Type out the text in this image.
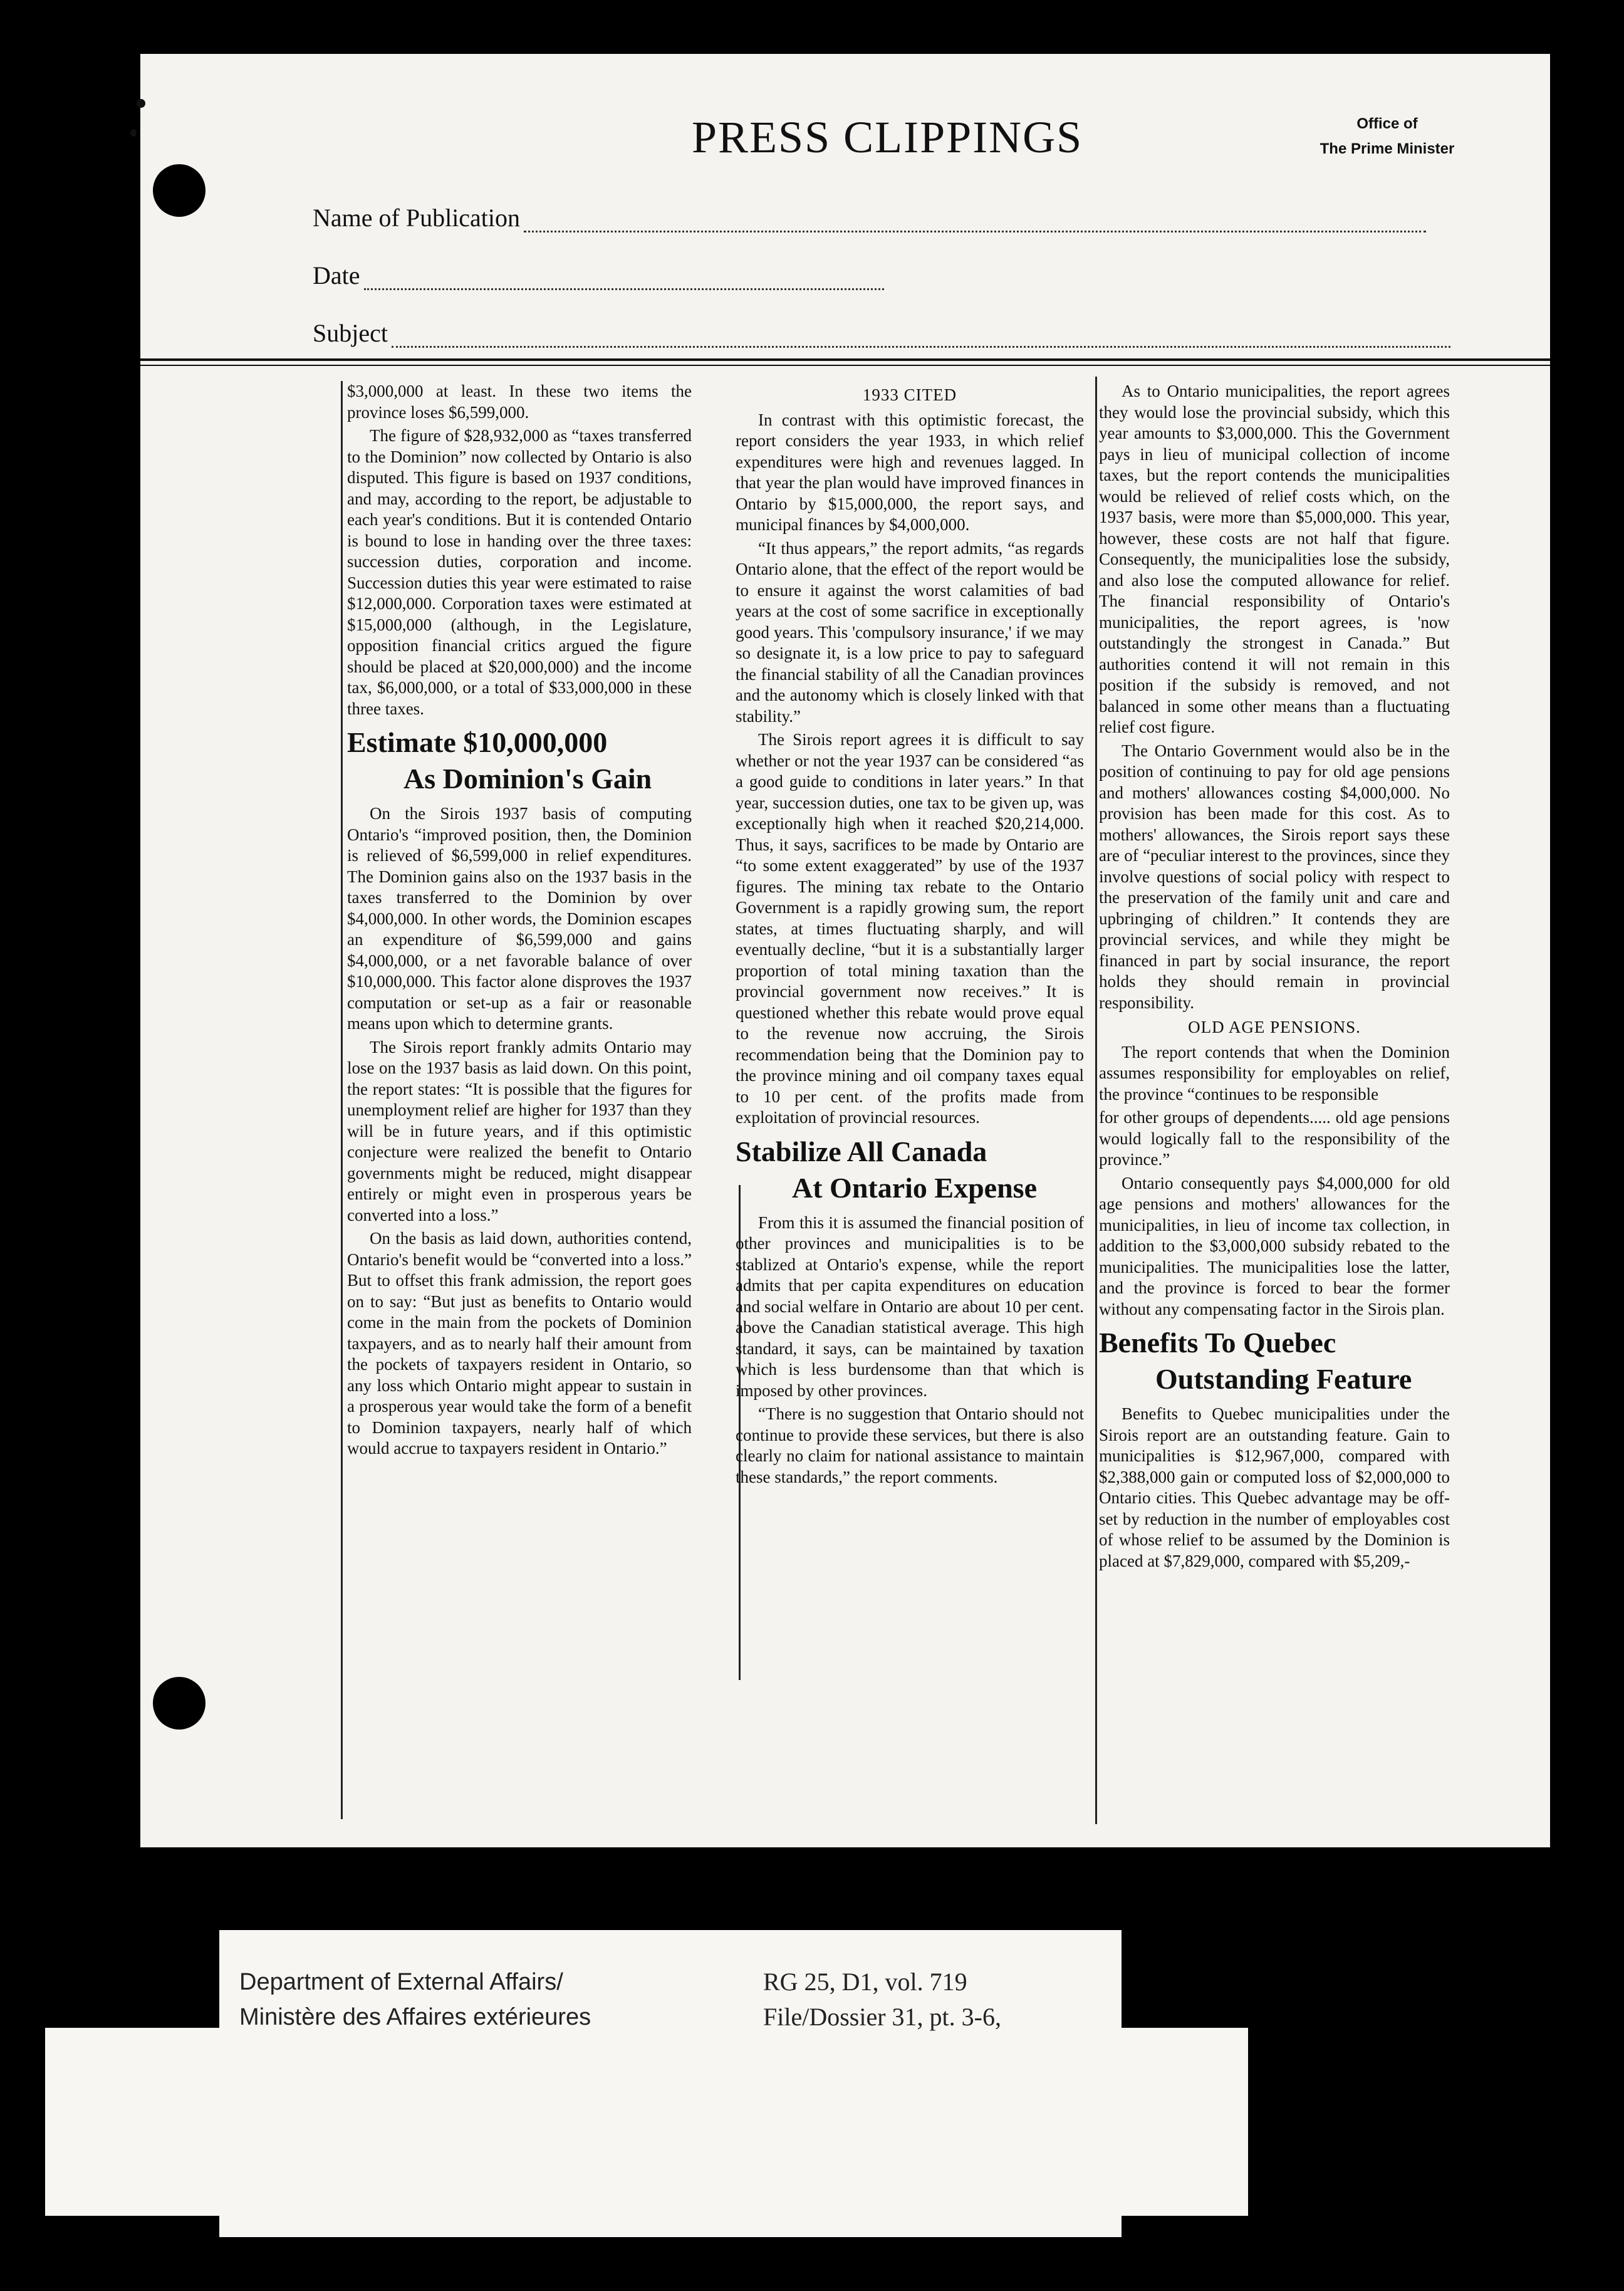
PRESS CLIPPINGS	Office of
The Prime Minister
Name of Publication
Date
Subject

$3,000,000 at least. In these two items the province loses $6,599,000.

The figure of $28,932,000 as “taxes transferred to the Dominion” now collected by Ontario is also disputed. This figure is based on 1937 conditions, and may, according to the report, be adjustable to each year's conditions. But it is contended Ontario is bound to lose in handing over the three taxes: succession duties, corporation and income. Succession duties this year were estimated to raise $12,000,000. Corporation taxes were estimated at $15,000,000 (although, in the Legislature, opposition financial critics argued the figure should be placed at $20,000,000) and the income tax, $6,000,000, or a total of $33,000,000 in these three taxes.

Estimate $10,000,000
As Dominion's Gain

On the Sirois 1937 basis of computing Ontario's “improved position, then, the Dominion is relieved of $6,599,000 in relief expenditures. The Dominion gains also on the 1937 basis in the taxes transferred to the Dominion by over $4,000,000. In other words, the Dominion escapes an expenditure of $6,599,000 and gains $4,000,000, or a net favorable balance of over $10,000,000. This factor alone disproves the 1937 computation or set-up as a fair or reasonable means upon which to determine grants.

The Sirois report frankly admits Ontario may lose on the 1937 basis as laid down. On this point, the report states: “It is possible that the figures for unemployment relief are higher for 1937 than they will be in future years, and if this optimistic conjecture were realized the benefit to Ontario governments might be reduced, might disappear entirely or might even in prosperous years be converted into a loss.”

On the basis as laid down, authorities contend, Ontario's benefit would be “converted into a loss.” But to offset this frank admission, the report goes on to say: “But just as benefits to Ontario would come in the main from the pockets of Dominion taxpayers, and as to nearly half their amount from the pockets of taxpayers resident in Ontario, so any loss which Ontario might appear to sustain in a prosperous year would take the form of a benefit to Dominion taxpayers, nearly half of which would accrue to taxpayers resident in Ontario.”

1933 CITED

In contrast with this optimistic forecast, the report considers the year 1933, in which relief expenditures were high and revenues lagged. In that year the plan would have improved finances in Ontario by $15,000,000, the report says, and municipal finances by $4,000,000.

“It thus appears,” the report admits, “as regards Ontario alone, that the effect of the report would be to ensure it against the worst calamities of bad years at the cost of some sacrifice in exceptionally good years. This 'compulsory insurance,' if we may so designate it, is a low price to pay to safeguard the financial stability of all the Canadian provinces and the autonomy which is closely linked with that stability.”

The Sirois report agrees it is difficult to say whether or not the year 1937 can be considered “as a good guide to conditions in later years.” In that year, succession duties, one tax to be given up, was exceptionally high when it reached $20,214,000. Thus, it says, sacrifices to be made by Ontario are “to some extent exaggerated” by use of the 1937 figures. The mining tax rebate to the Ontario Government is a rapidly growing sum, the report states, at times fluctuating sharply, and will eventually decline, “but it is a substantially larger proportion of total mining taxation than the provincial government now receives.” It is questioned whether this rebate would prove equal to the revenue now accruing, the Sirois recommendation being that the Dominion pay to the province mining and oil company taxes equal to 10 per cent. of the profits made from exploitation of provincial resources.

Stabilize All Canada
At Ontario Expense

From this it is assumed the financial position of other provinces and municipalities is to be stablized at Ontario's expense, while the report admits that per capita expenditures on education and social welfare in Ontario are about 10 per cent. above the Canadian statistical average. This high standard, it says, can be maintained by taxation which is less burdensome than that which is imposed by other provinces.

“There is no suggestion that Ontario should not continue to provide these services, but there is also clearly no claim for national assistance to maintain these standards,” the report comments.

As to Ontario municipalities, the report agrees they would lose the provincial subsidy, which this year amounts to $3,000,000. This the Government pays in lieu of municipal collection of income taxes, but the report contends the municipalities would be relieved of relief costs which, on the 1937 basis, were more than $5,000,000. This year, however, these costs are not half that figure. Consequently, the municipalities lose the subsidy, and also lose the computed allowance for relief. The financial responsibility of Ontario's municipalities, the report agrees, is 'now outstandingly the strongest in Canada.” But authorities contend it will not remain in this position if the subsidy is removed, and not balanced in some other means than a fluctuating relief cost figure.

The Ontario Government would also be in the position of continuing to pay for old age pensions and mothers' allowances costing $4,000,000. No provision has been made for this cost. As to mothers' allowances, the Sirois report says these are of “peculiar interest to the provinces, since they involve questions of social policy with respect to the preservation of the family unit and care and upbringing of children.” It contends they are provincial services, and while they might be financed in part by social insurance, the report holds they should remain in provincial responsibility.

OLD AGE PENSIONS.

The report contends that when the Dominion assumes responsibility for employables on relief, the province “continues to be responsible

for other groups of dependents..... old age pensions would logically fall to the responsibility of the province.”

Ontario consequently pays $4,000,000 for old age pensions and mothers' allowances for the municipalities, in lieu of income tax collection, in addition to the $3,000,000 subsidy rebated to the municipalities. The municipalities lose the latter, and the province is forced to bear the former without any compensating factor in the Sirois plan.

Benefits To Quebec
Outstanding Feature

Benefits to Quebec municipalities under the Sirois report are an outstanding feature. Gain to municipalities is $12,967,000, compared with $2,388,000 gain or computed loss of $2,000,000 to Ontario cities. This Quebec advantage may be off-set by reduction in the number of employables cost of whose relief to be assumed by the Dominion is placed at $7,829,000, compared with $5,209,-

Department of External Affairs/
Ministère des Affaires extérieures
RG 25, D1, vol. 719
File/Dossier 31, pt. 3-6,
